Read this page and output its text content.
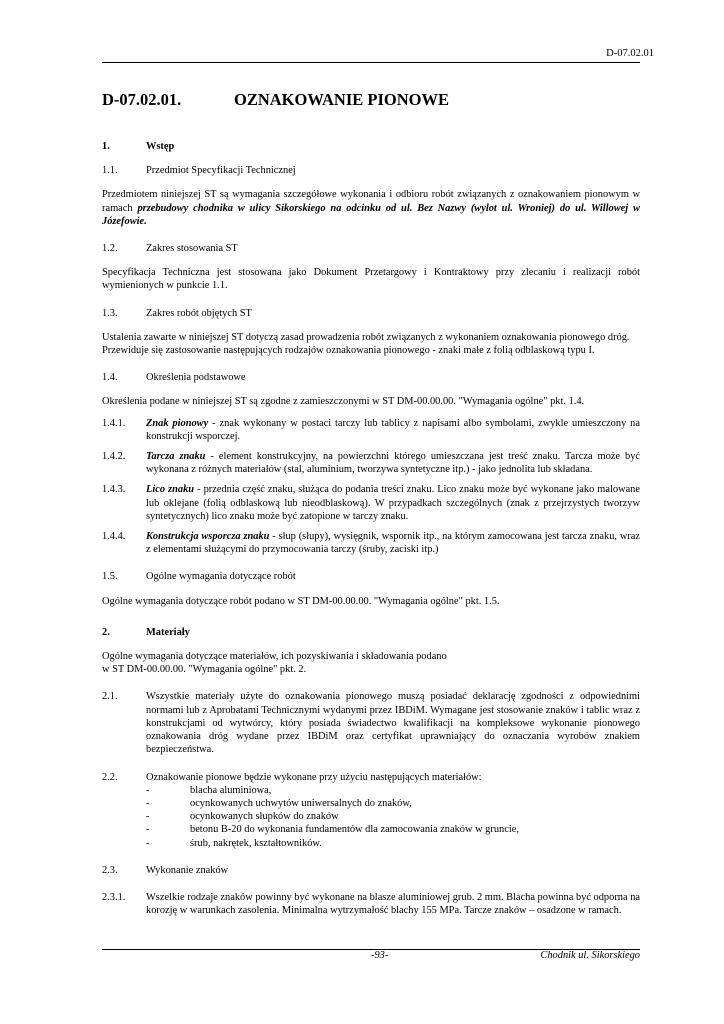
D-07.02.01
D-07.02.01.	OZNAKOWANIE PIONOWE
1.	Wstęp
1.1.	Przedmiot Specyfikacji Technicznej

Przedmiotem niniejszej ST są wymagania szczegółowe wykonania i odbioru robót związanych z oznakowaniem pionowym w ramach przebudowy chodnika w ulicy Sikorskiego na odcinku od ul. Bez Nazwy (wylot ul. Wroniej) do ul. Willowej w Józefowie.

1.2.	Zakres stosowania ST

Specyfikacja Techniczna jest stosowana jako Dokument Przetargowy i Kontraktowy przy zlecaniu i realizacji robót wymienionych w punkcie 1.1.

1.3.	Zakres robót objętych ST

Ustalenia zawarte w niniejszej ST dotyczą zasad prowadzenia robót związanych z wykonaniem oznakowania pionowego dróg.

Przewiduje się zastosowanie następujących rodzajów oznakowania pionowego - znaki małe z folią odblaskową typu I.

1.4.	Określenia podstawowe

Określenia podane w niniejszej ST są zgodne z zamieszczonymi w ST DM-00.00.00. "Wymagania ogólne" pkt. 1.4.

1.4.1.	Znak pionowy - znak wykonany w postaci tarczy lub tablicy z napisami albo symbolami, zwykle umieszczony na konstrukcji wsporczej.
1.4.2.	Tarcza znaku - element konstrukcyjny, na powierzchni którego umieszczana jest treść znaku. Tarcza może być wykonana z różnych materiałów (stal, aluminium, tworzywa syntetyczne itp.) - jako jednolita lub składana.
1.4.3.	Lico znaku - przednia część znaku, służąca do podania treści znaku. Lico znaku może być wykonane jako malowane lub oklejane (folią odblaskową lub nieodblaskową). W przypadkach szczególnych (znak z przejrzystych tworzyw syntetycznych) lico znaku może być zatopione w tarczy znaku.
1.4.4.	Konstrukcja wsporcza znaku - słup (słupy), wysięgnik, wspornik itp., na którym zamocowana jest tarcza znaku, wraz z elementami służącymi do przymocowania tarczy (śruby, zaciski itp.)
1.5.	Ogólne wymagania dotyczące robót

Ogólne wymagania dotyczące robót podano w ST DM-00.00.00. "Wymagania ogólne" pkt. 1.5.

2.	Materiały

Ogólne wymagania dotyczące materiałów, ich pozyskiwania i składowania podano

w ST DM-00.00.00. "Wymagania ogólne" pkt. 2.

2.1.	Wszystkie materiały użyte do oznakowania pionowego muszą posiadać deklarację zgodności z odpowiednimi normami lub z Aprobatami Technicznymi wydanymi przez IBDiM. Wymagane jest stosowanie znaków i tablic wraz z konstrukcjami od wytwórcy, który posiada świadectwo kwalifikacji na kompleksowe wykonanie pionowego oznakowania dróg wydane przez IBDiM oraz certyfikat uprawniający do oznaczania wyrobów znakiem bezpieczeństwa.
2.2.	Oznakowanie pionowe będzie wykonane przy użyciu następujących materiałów:
-	blacha aluminiowa,
-	ocynkowanych uchwytów uniwersalnych do znaków,
-	ocynkowanych słupków do znaków
-	betonu B-20 do wykonania fundamentów dla zamocowania znaków w gruncie,
-	śrub, nakrętek, kształtowników.
2.3.	Wykonanie znaków
2.3.1.	Wszelkie rodzaje znaków powinny być wykonane na blasze aluminiowej grub. 2 mm. Blacha powinna być odporna na korozję w warunkach zasolenia. Minimalna wytrzymałość blachy 155 MPa. Tarcze znaków – osadzone w ramach.
-93-	Chodnik ul. Sikorskiego
